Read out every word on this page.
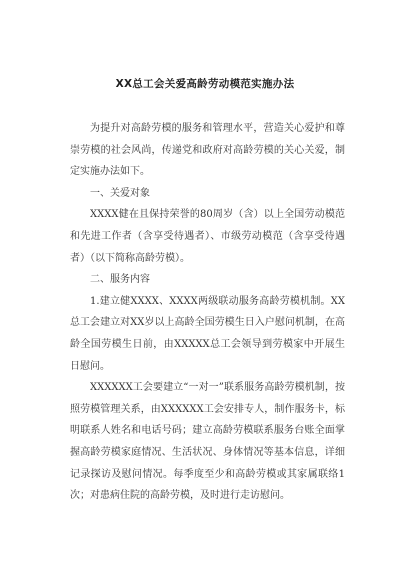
XX总工会关爱高龄劳动模范实施办法

为提升对高龄劳模的服务和管理水平，营造关心爱护和尊崇劳模的社会风尚，传递党和政府对高龄劳模的关心关爱，制定实施办法如下。

一、关爱对象

XXXX健在且保持荣誉的80周岁（含）以上全国劳动模范和先进工作者（含享受待遇者）、市级劳动模范（含享受待遇者）（以下简称高龄劳模）。

二、服务内容

1.建立健XXXX、XXXX两级联动服务高龄劳模机制。XX总工会建立对XX岁以上高龄全国劳模生日入户慰问机制，在高龄全国劳模生日前，由XXXXX总工会领导到劳模家中开展生日慰问。

XXXXXX工会要建立“一对一”联系服务高龄劳模机制，按照劳模管理关系，由XXXXXX工会安排专人，制作服务卡，标明联系人姓名和电话号码；建立高龄劳模联系服务台账全面掌握高龄劳模家庭情况、生活状况、身体情况等基本信息，详细记录探访及慰问情况。每季度至少和高龄劳模或其家属联络1次；对患病住院的高龄劳模，及时进行走访慰问。
